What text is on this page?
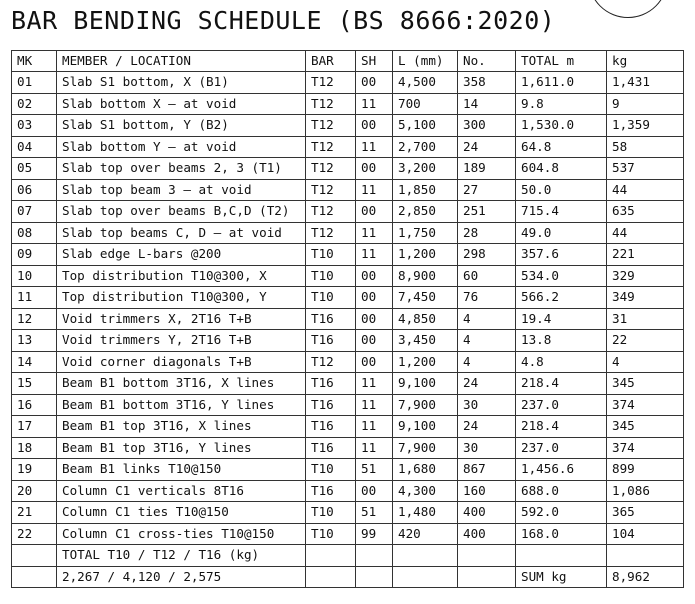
BAR BENDING SCHEDULE (BS 8666:2020)
MK	MEMBER / LOCATION	BAR	SH	L (mm)	No.	TOTAL m	kg
01	Slab S1 bottom, X (B1)	T12	00	4,500	358	1,611.0	1,431
02	Slab bottom X – at void	T12	11	700	14	9.8	9
03	Slab S1 bottom, Y (B2)	T12	00	5,100	300	1,530.0	1,359
04	Slab bottom Y – at void	T12	11	2,700	24	64.8	58
05	Slab top over beams 2, 3 (T1)	T12	00	3,200	189	604.8	537
06	Slab top beam 3 – at void	T12	11	1,850	27	50.0	44
07	Slab top over beams B,C,D (T2)	T12	00	2,850	251	715.4	635
08	Slab top beams C, D – at void	T12	11	1,750	28	49.0	44
09	Slab edge L-bars @200	T10	11	1,200	298	357.6	221
10	Top distribution T10@300, X	T10	00	8,900	60	534.0	329
11	Top distribution T10@300, Y	T10	00	7,450	76	566.2	349
12	Void trimmers X, 2T16 T+B	T16	00	4,850	4	19.4	31
13	Void trimmers Y, 2T16 T+B	T16	00	3,450	4	13.8	22
14	Void corner diagonals T+B	T12	00	1,200	4	4.8	4
15	Beam B1 bottom 3T16, X lines	T16	11	9,100	24	218.4	345
16	Beam B1 bottom 3T16, Y lines	T16	11	7,900	30	237.0	374
17	Beam B1 top 3T16, X lines	T16	11	9,100	24	218.4	345
18	Beam B1 top 3T16, Y lines	T16	11	7,900	30	237.0	374
19	Beam B1 links T10@150	T10	51	1,680	867	1,456.6	899
20	Column C1 verticals 8T16	T16	00	4,300	160	688.0	1,086
21	Column C1 ties T10@150	T10	51	1,480	400	592.0	365
22	Column C1 cross-ties T10@150	T10	99	420	400	168.0	104
	TOTAL T10 / T12 / T16 (kg)						
	2,267 / 4,120 / 2,575					SUM kg	8,962
